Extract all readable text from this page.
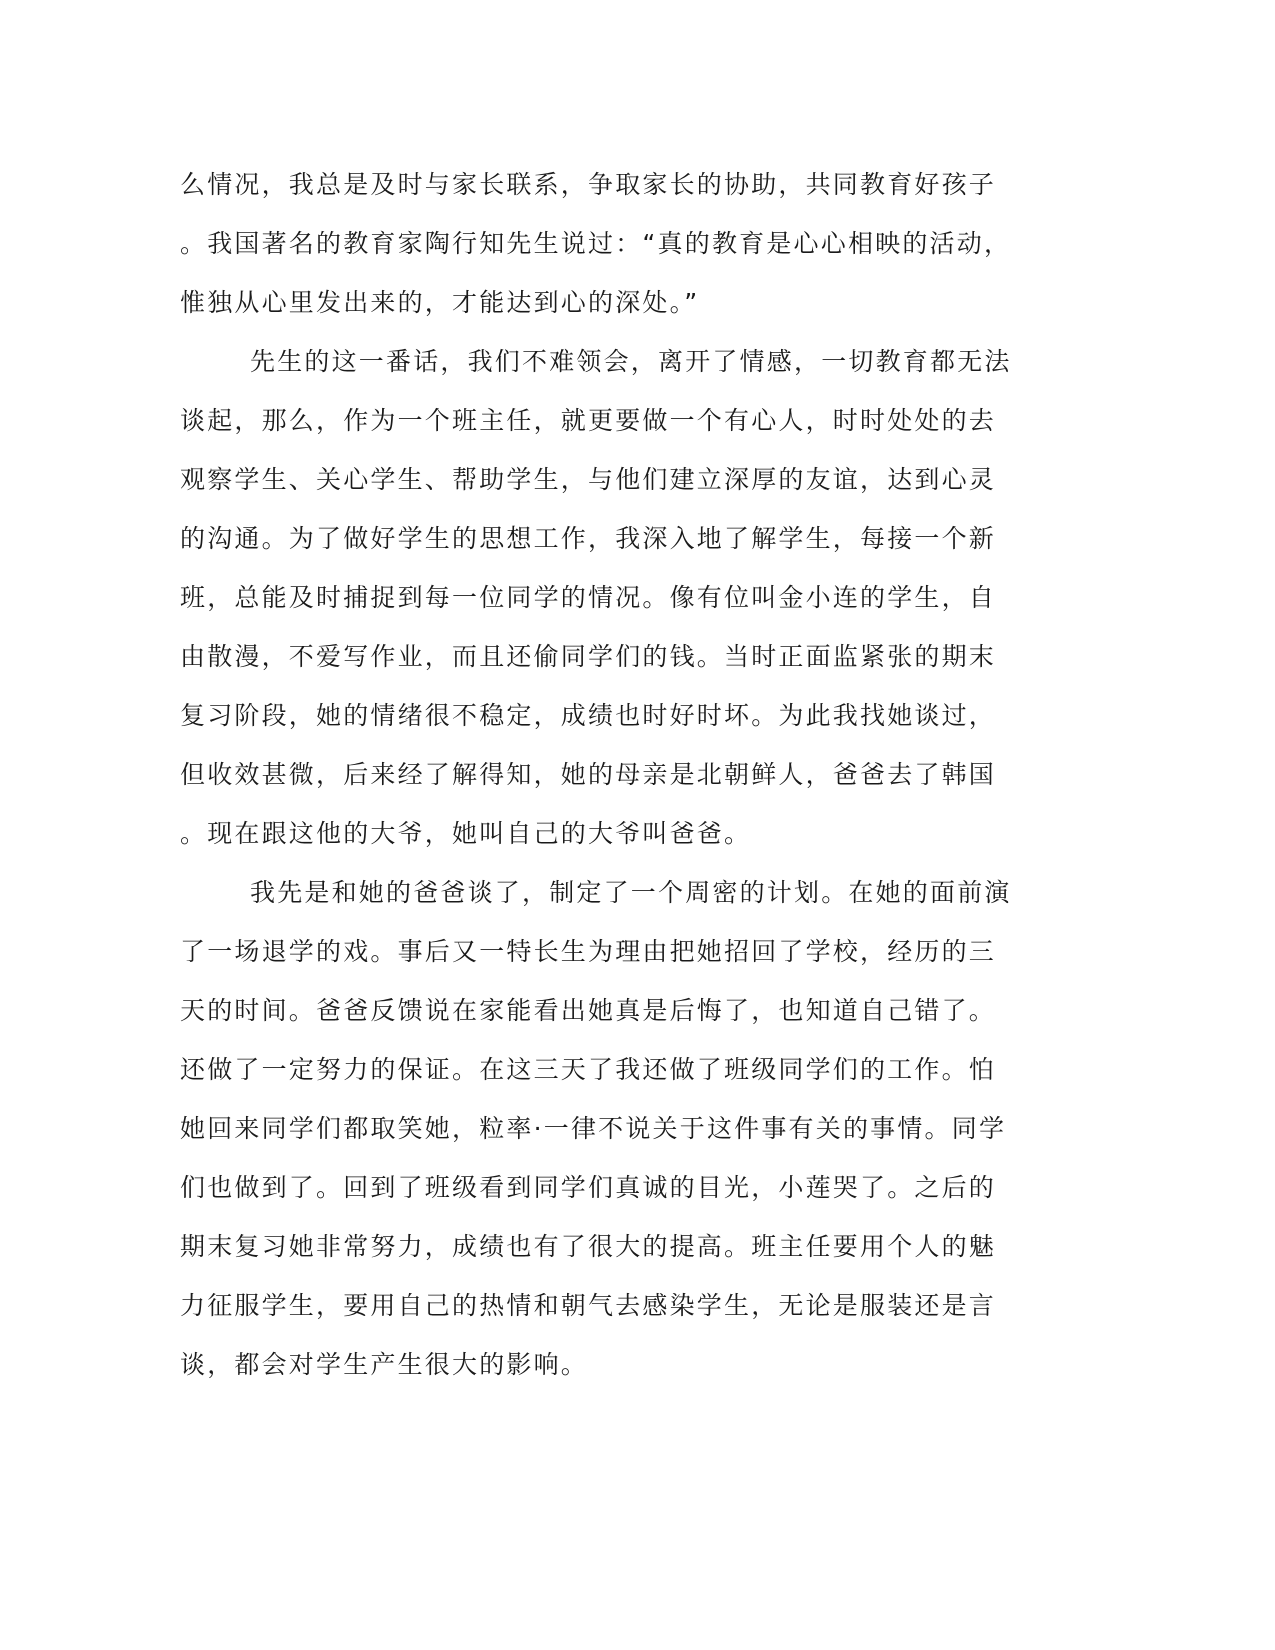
么情况，我总是及时与家长联系，争取家长的协助，共同教育好孩子
。我国著名的教育家陶行知先生说过：“真的教育是心心相映的活动，
惟独从心里发出来的，才能达到心的深处。”
先生的这一番话，我们不难领会，离开了情感，一切教育都无法
谈起，那么，作为一个班主任，就更要做一个有心人，时时处处的去
观察学生、关心学生、帮助学生，与他们建立深厚的友谊，达到心灵
的沟通。为了做好学生的思想工作，我深入地了解学生，每接一个新
班，总能及时捕捉到每一位同学的情况。像有位叫金小连的学生，自
由散漫，不爱写作业，而且还偷同学们的钱。当时正面监紧张的期末
复习阶段，她的情绪很不稳定，成绩也时好时坏。为此我找她谈过，
但收效甚微，后来经了解得知，她的母亲是北朝鲜人，爸爸去了韩国
。现在跟这他的大爷，她叫自己的大爷叫爸爸。
我先是和她的爸爸谈了，制定了一个周密的计划。在她的面前演
了一场退学的戏。事后又一特长生为理由把她招回了学校，经历的三
天的时间。爸爸反馈说在家能看出她真是后悔了，也知道自己错了。
还做了一定努力的保证。在这三天了我还做了班级同学们的工作。怕
她回来同学们都取笑她，粒率·一律不说关于这件事有关的事情。同学
们也做到了。回到了班级看到同学们真诚的目光，小莲哭了。之后的
期末复习她非常努力，成绩也有了很大的提高。班主任要用个人的魅
力征服学生，要用自己的热情和朝气去感染学生，无论是服装还是言
谈，都会对学生产生很大的影响。
